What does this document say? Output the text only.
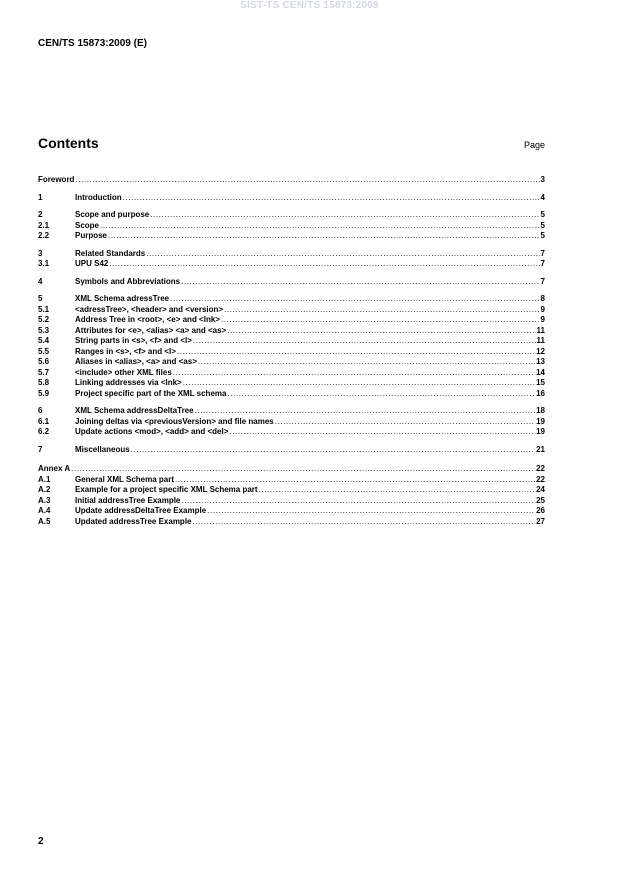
SIST-TS CEN/TS 15873:2009
CEN/TS 15873:2009 (E)
Contents	Page
Foreword .....	3
1	Introduction .....	4
2	Scope and purpose .....	5
2.1	Scope .....	5
2.2	Purpose .....	5
3	Related Standards .....	7
3.1	UPU S42 .....	7
4	Symbols and Abbreviations .....	7
5	XML Schema adressTree .....	8
5.1	<adressTree>, <header> and <version> .....	9
5.2	Address Tree in <root>, <e> and <lnk> .....	9
5.3	Attributes for <e>, <alias> <a> and <as> .....	11
5.4	String parts in <s>, <f> and <l> .....	11
5.5	Ranges in <s>, <f> and <l> .....	12
5.6	Aliases in <alias>, <a> and <as> .....	13
5.7	<include> other XML files .....	14
5.8	Linking addresses via <lnk> .....	15
5.9	Project specific part of the XML schema .....	16
6	XML Schema addressDeltaTree .....	18
6.1	Joining deltas via <previousVersion> and file names .....	19
6.2	Update actions <mod>, <add> and <del> .....	19
7	Miscellaneous .....	21
Annex A .....	22
A.1	General XML Schema part .....	22
A.2	Example for a project specific XML Schema part .....	24
A.3	Initial addressTree Example .....	25
A.4	Update addressDeltaTree Example .....	26
A.5	Updated addressTree Example .....	27
2
